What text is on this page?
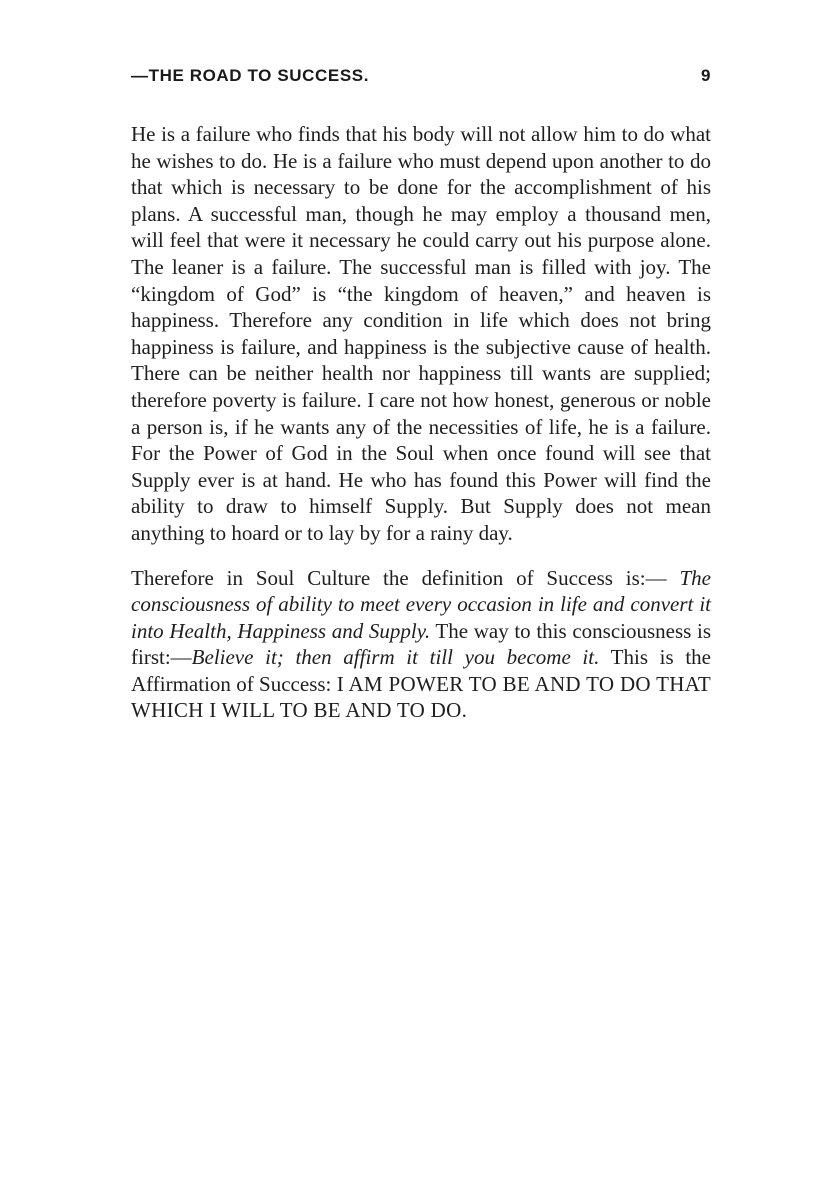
—THE ROAD TO SUCCESS.	9

He is a failure who finds that his body will not allow him to do what he wishes to do. He is a failure who must depend upon another to do that which is necessary to be done for the accomplishment of his plans. A successful man, though he may employ a thousand men, will feel that were it necessary he could carry out his purpose alone. The leaner is a failure. The successful man is filled with joy. The “kingdom of God” is “the kingdom of heaven,” and heaven is happiness. Therefore any condition in life which does not bring happiness is failure, and happiness is the subjective cause of health. There can be neither health nor happiness till wants are supplied; therefore poverty is failure. I care not how honest, generous or noble a person is, if he wants any of the necessities of life, he is a failure. For the Power of God in the Soul when once found will see that Supply ever is at hand. He who has found this Power will find the ability to draw to himself Supply. But Supply does not mean anything to hoard or to lay by for a rainy day.

Therefore in Soul Culture the definition of Success is:— The consciousness of ability to meet every occasion in life and convert it into Health, Happiness and Supply. The way to this consciousness is first:—Believe it; then affirm it till you become it. This is the Affirmation of Success: I AM POWER TO BE AND TO DO THAT WHICH I WILL TO BE AND TO DO.
